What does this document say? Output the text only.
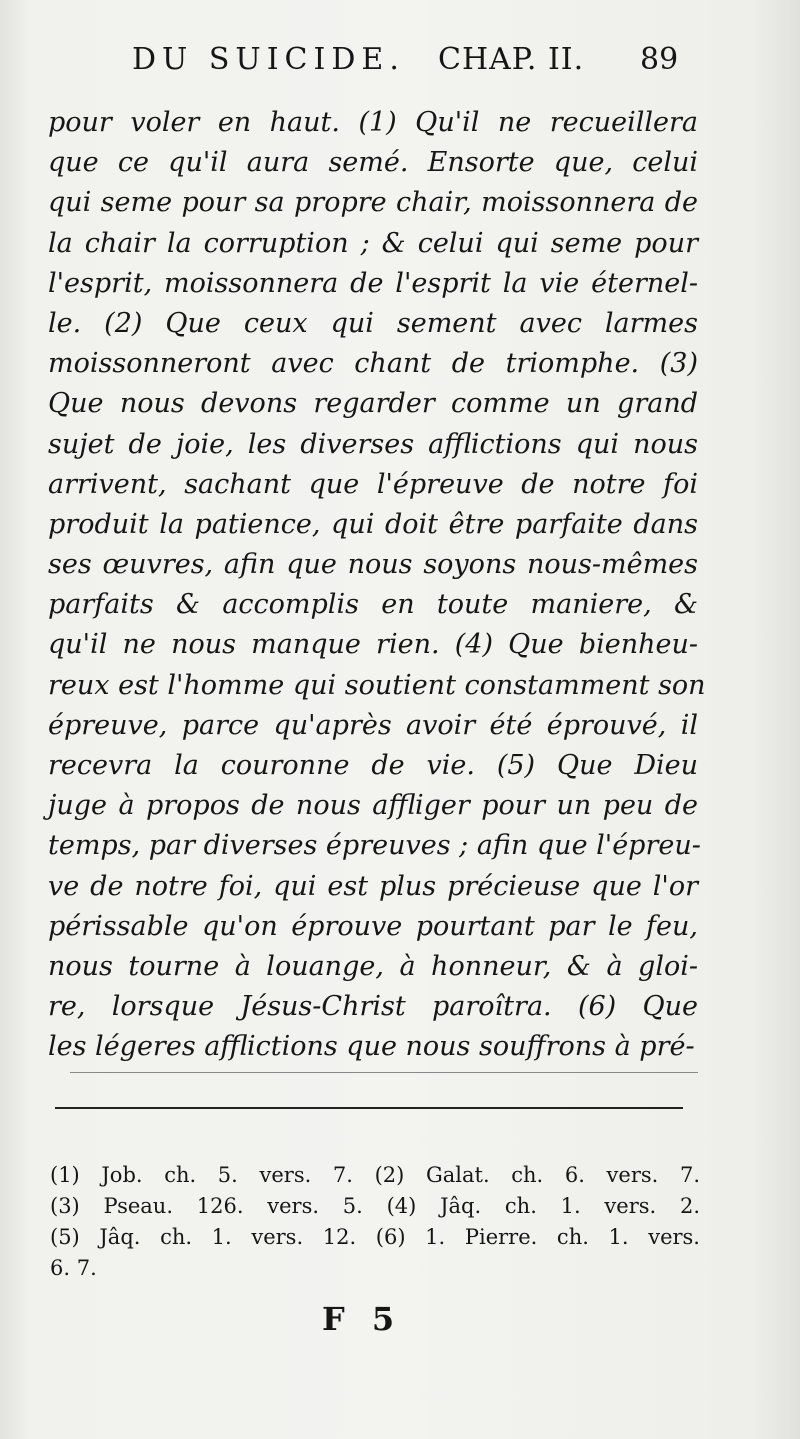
DU SUICIDE. CHAP. II. 89
pour voler en haut. (1) Qu'il ne recueillera
que ce qu'il aura semé. Ensorte que, celui
qui seme pour sa propre chair, moissonnera de
la chair la corruption ; & celui qui seme pour
l'esprit, moissonnera de l'esprit la vie éternel-
le. (2) Que ceux qui sement avec larmes
moissonneront avec chant de triomphe. (3)
Que nous devons regarder comme un grand
sujet de joie, les diverses afflictions qui nous
arrivent, sachant que l'épreuve de notre foi
produit la patience, qui doit être parfaite dans
ses œuvres, afin que nous soyons nous-mêmes
parfaits & accomplis en toute maniere, &
qu'il ne nous manque rien. (4) Que bienheu-
reux est l'homme qui soutient constamment son
épreuve, parce qu'après avoir été éprouvé, il
recevra la couronne de vie. (5) Que Dieu
juge à propos de nous affliger pour un peu de
temps, par diverses épreuves ; afin que l'épreu-
ve de notre foi, qui est plus précieuse que l'or
périssable qu'on éprouve pourtant par le feu,
nous tourne à louange, à honneur, & à gloi-
re, lorsque Jésus-Christ paroîtra. (6) Que
les légeres afflictions que nous souffrons à pré-
(1) Job. ch. 5. vers. 7. (2) Galat. ch. 6. vers. 7.
(3) Pseau. 126. vers. 5. (4) Jâq. ch. 1. vers. 2.
(5) Jâq. ch. 1. vers. 12. (6) 1. Pierre. ch. 1. vers.
6. 7.
F 5
